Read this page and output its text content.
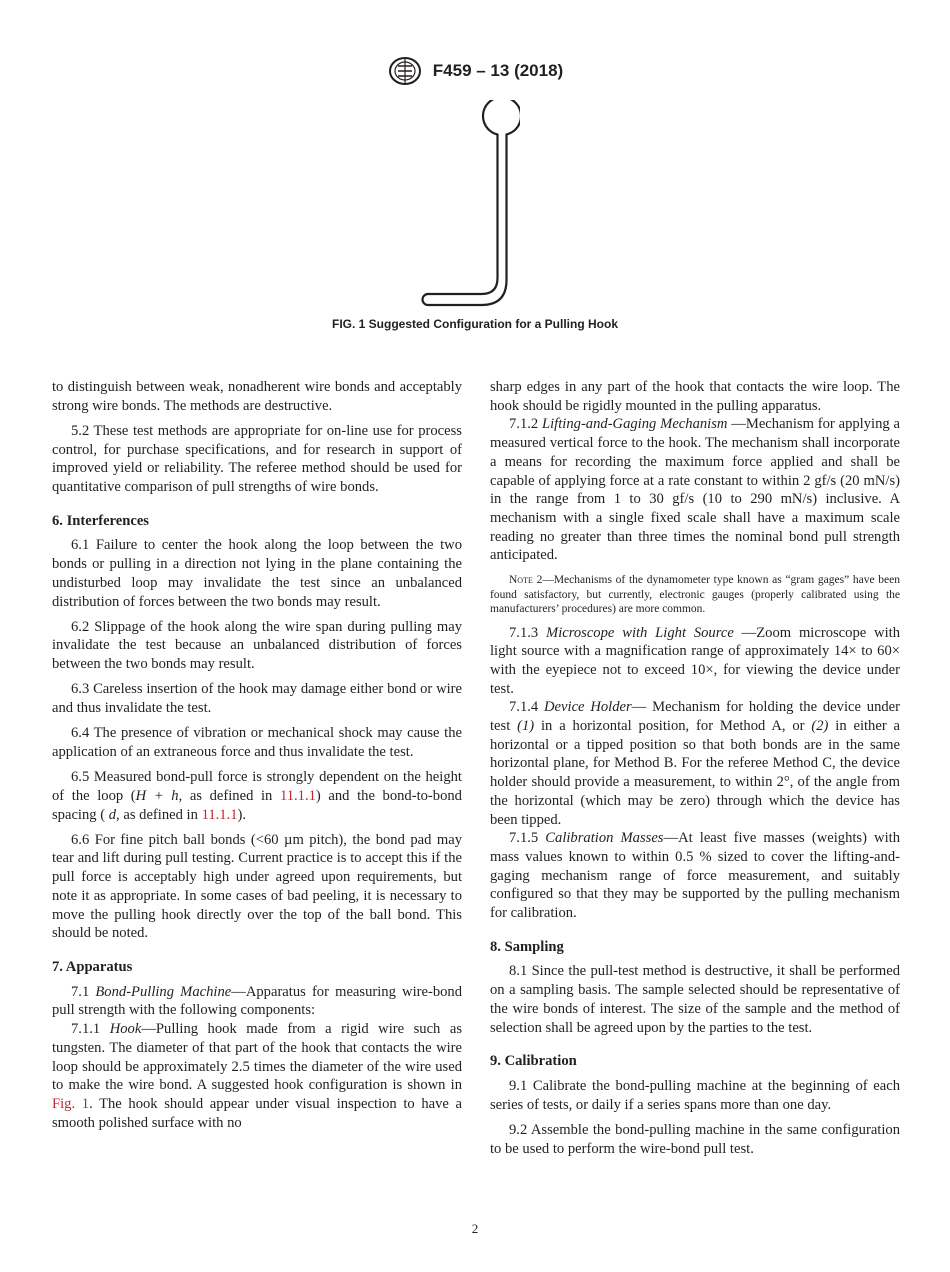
F459 – 13 (2018)
FIG. 1 Suggested Configuration for a Pulling Hook

to distinguish between weak, nonadherent wire bonds and acceptably strong wire bonds. The methods are destructive.

5.2 These test methods are appropriate for on-line use for process control, for purchase specifications, and for research in support of improved yield or reliability. The referee method should be used for quantitative comparison of pull strengths of wire bonds.

6. Interferences

6.1 Failure to center the hook along the loop between the two bonds or pulling in a direction not lying in the plane containing the undisturbed loop may invalidate the test since an unbalanced distribution of forces between the two bonds may result.

6.2 Slippage of the hook along the wire span during pulling may invalidate the test because an unbalanced distribution of forces between the two bonds may result.

6.3 Careless insertion of the hook may damage either bond or wire and thus invalidate the test.

6.4 The presence of vibration or mechanical shock may cause the application of an extraneous force and thus invalidate the test.

6.5 Measured bond-pull force is strongly dependent on the height of the loop (H + h, as defined in 11.1.1) and the bond-to-bond spacing ( d, as defined in 11.1.1).

6.6 For fine pitch ball bonds (<60 µm pitch), the bond pad may tear and lift during pull testing. Current practice is to accept this if the pull force is acceptably high under agreed upon requirements, but note it as appropriate. In some cases of bad peeling, it is necessary to move the pulling hook directly over the top of the ball bond. This should be noted.

7. Apparatus

7.1 Bond-Pulling Machine—Apparatus for measuring wire-bond pull strength with the following components:

7.1.1 Hook—Pulling hook made from a rigid wire such as tungsten. The diameter of that part of the hook that contacts the wire loop should be approximately 2.5 times the diameter of the wire used to make the wire bond. A suggested hook configuration is shown in Fig. 1. The hook should appear under visual inspection to have a smooth polished surface with no

sharp edges in any part of the hook that contacts the wire loop. The hook should be rigidly mounted in the pulling apparatus.

7.1.2 Lifting-and-Gaging Mechanism —Mechanism for applying a measured vertical force to the hook. The mechanism shall incorporate a means for recording the maximum force applied and shall be capable of applying force at a rate constant to within 2 gf/s (20 mN/s) in the range from 1 to 30 gf/s (10 to 290 mN/s) inclusive. A mechanism with a single fixed scale shall have a maximum scale reading no greater than three times the nominal bond pull strength anticipated.

Note 2—Mechanisms of the dynamometer type known as “gram gages” have been found satisfactory, but currently, electronic gauges (properly calibrated using the manufacturers’ procedures) are more common.

7.1.3 Microscope with Light Source —Zoom microscope with light source with a magnification range of approximately 14× to 60× with the eyepiece not to exceed 10×, for viewing the device under test.

7.1.4 Device Holder— Mechanism for holding the device under test (1) in a horizontal position, for Method A, or (2) in either a horizontal or a tipped position so that both bonds are in the same horizontal plane, for Method B. For the referee Method C, the device holder should provide a measurement, to within 2°, of the angle from the horizontal (which may be zero) through which the device has been tipped.

7.1.5 Calibration Masses—At least five masses (weights) with mass values known to within 0.5 % sized to cover the lifting-and-gaging mechanism range of force measurement, and suitably configured so that they may be supported by the pulling mechanism for calibration.

8. Sampling

8.1 Since the pull-test method is destructive, it shall be performed on a sampling basis. The sample selected should be representative of the wire bonds of interest. The size of the sample and the method of selection shall be agreed upon by the parties to the test.

9. Calibration

9.1 Calibrate the bond-pulling machine at the beginning of each series of tests, or daily if a series spans more than one day.

9.2 Assemble the bond-pulling machine in the same configuration to be used to perform the wire-bond pull test.

2
